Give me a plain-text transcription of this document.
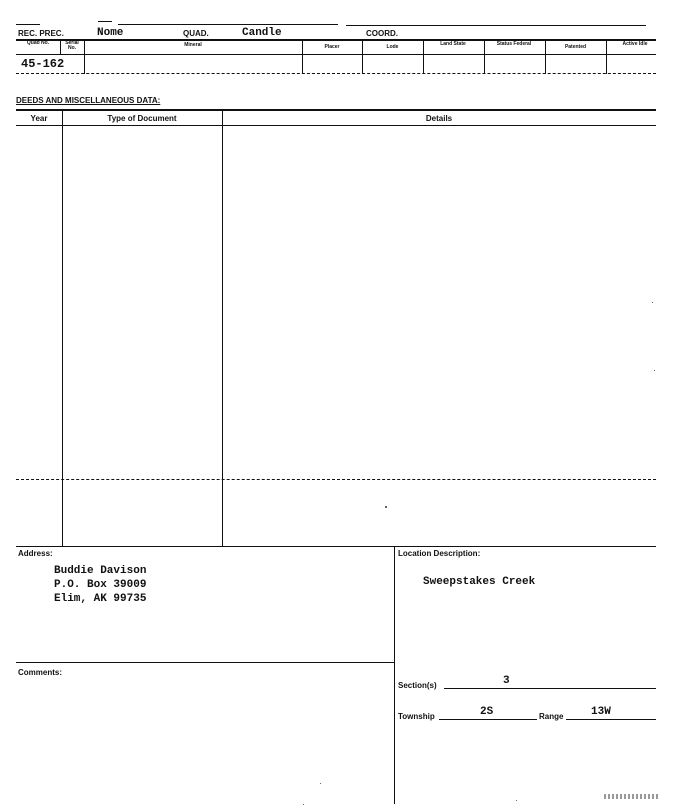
REC. PREC.	Nome	QUAD.	Candle	COORD.
Quad No.	Serial No.	Mineral	Placer	Lode	Land State	Status Federal	Patented	Active Idle
45-162
DEEDS AND MISCELLANEOUS DATA:
Year	Type of Document	Details
Address:
Buddie Davison
P.O. Box 39009
Elim, AK 99735
Location Description:
Sweepstakes Creek
Comments:
Section(s)	3
Township	2S	Range	13W
